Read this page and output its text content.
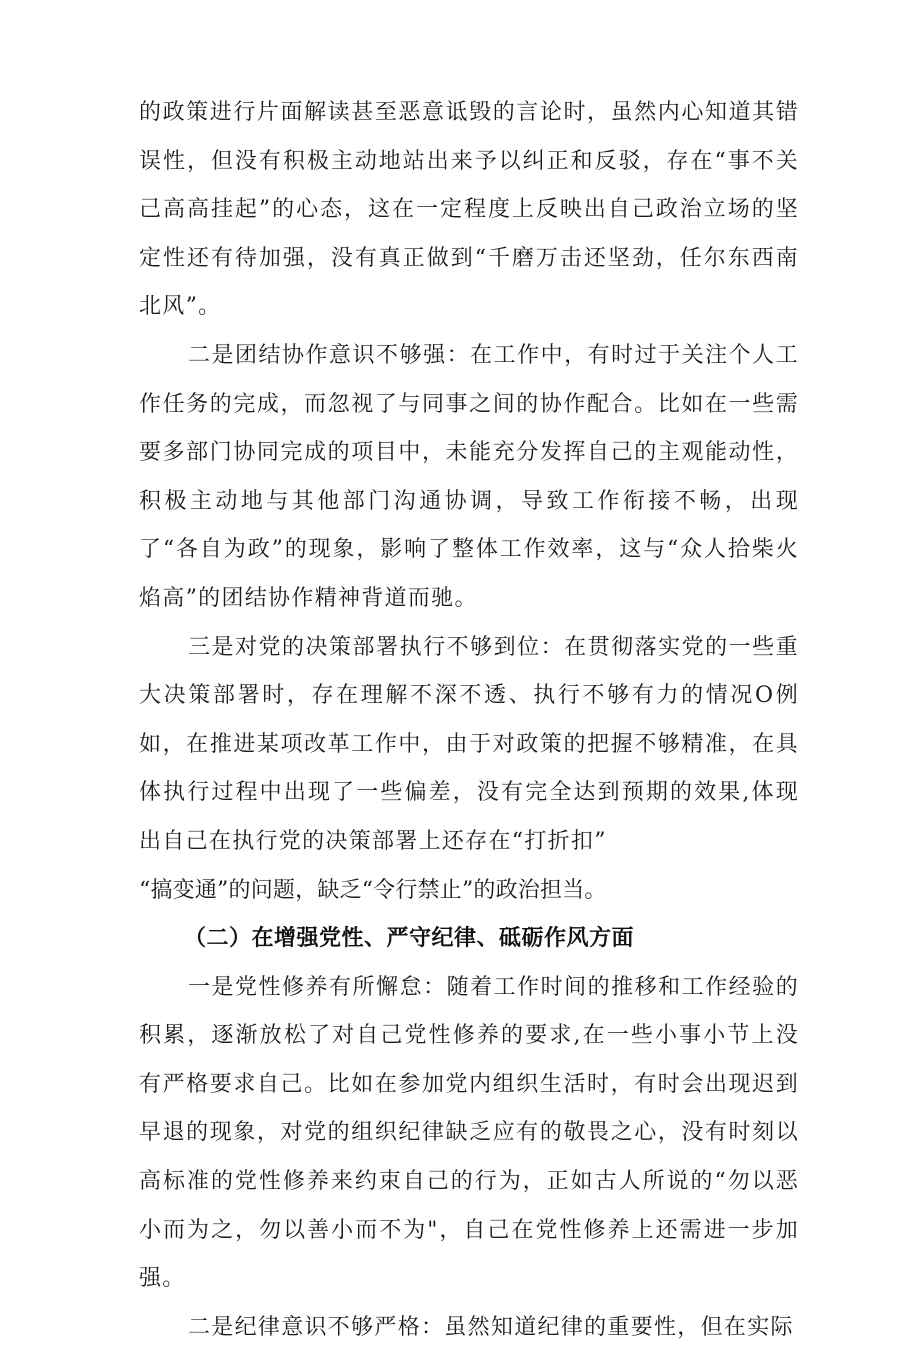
的政策进行片面解读甚至恶意诋毁的言论时，虽然内心知道其错误性，但没有积极主动地站出来予以纠正和反驳，存在“事不关己高高挂起”的心态，这在一定程度上反映出自己政治立场的坚定性还有待加强，没有真正做到“千磨万击还坚劲，任尔东西南北风”。

二是团结协作意识不够强：在工作中，有时过于关注个人工作任务的完成，而忽视了与同事之间的协作配合。比如在一些需要多部门协同完成的项目中，未能充分发挥自己的主观能动性，积极主动地与其他部门沟通协调，导致工作衔接不畅，出现了“各自为政”的现象，影响了整体工作效率，这与“众人拾柴火焰高”的团结协作精神背道而驰。

三是对党的决策部署执行不够到位：在贯彻落实党的一些重大决策部署时，存在理解不深不透、执行不够有力的情况O例如，在推进某项改革工作中，由于对政策的把握不够精准，在具体执行过程中出现了一些偏差，没有完全达到预期的效果,体现出自己在执行党的决策部署上还存在“打折扣”

“搞变通”的问题，缺乏“令行禁止”的政治担当。

（二）在增强党性、严守纪律、砥砺作风方面

一是党性修养有所懈怠：随着工作时间的推移和工作经验的积累，逐渐放松了对自己党性修养的要求,在一些小事小节上没有严格要求自己。比如在参加党内组织生活时，有时会出现迟到早退的现象，对党的组织纪律缺乏应有的敬畏之心，没有时刻以高标准的党性修养来约束自己的行为，正如古人所说的“勿以恶小而为之，勿以善小而不为"，自己在党性修养上还需进一步加强。

二是纪律意识不够严格：虽然知道纪律的重要性，但在实际
